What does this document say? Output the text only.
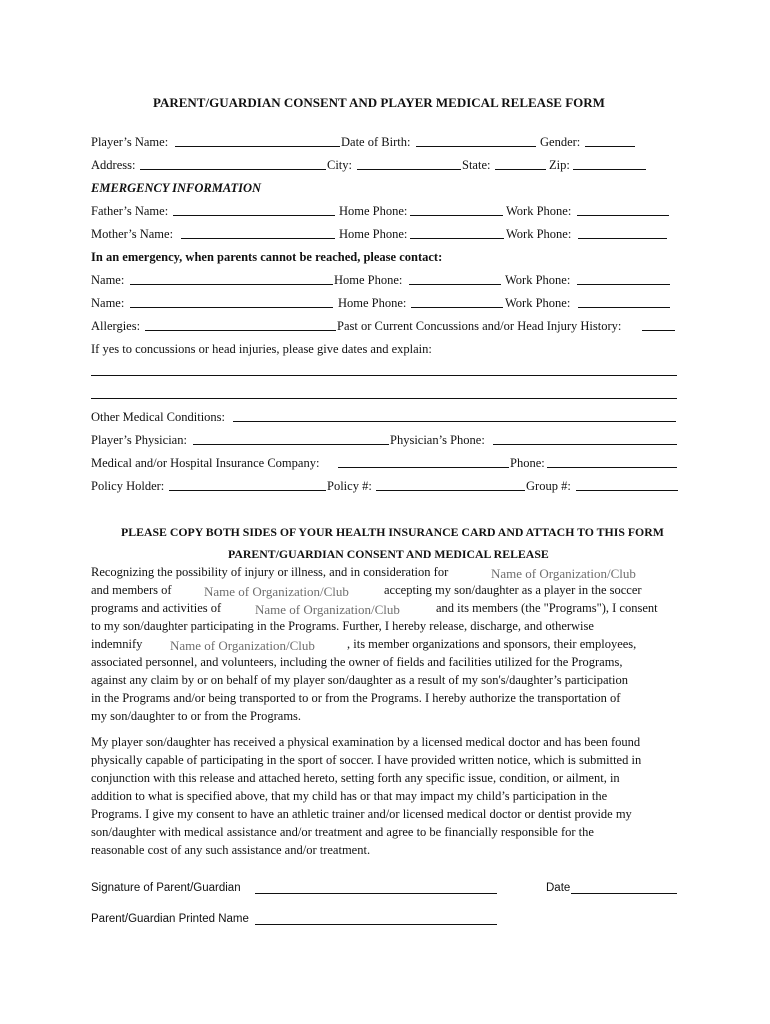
PARENT/GUARDIAN CONSENT AND PLAYER MEDICAL RELEASE FORM
Player’s Name:	Date of Birth:	Gender:
Address:	City:	State:	Zip:
EMERGENCY INFORMATION
Father’s Name:	Home Phone:	Work Phone:
Mother’s Name:	Home Phone:	Work Phone:
In an emergency, when parents cannot be reached, please contact:
Name:	Home Phone:	Work Phone:
Name:	Home Phone:	Work Phone:
Allergies:	Past or Current Concussions and/or Head Injury History:
If yes to concussions or head injuries, please give dates and explain:
Other Medical Conditions:
Player’s Physician:	Physician’s Phone:
Medical and/or Hospital Insurance Company:	Phone:
Policy Holder:	Policy #:	Group #:
PLEASE COPY BOTH SIDES OF YOUR HEALTH INSURANCE CARD AND ATTACH TO THIS FORM
PARENT/GUARDIAN CONSENT AND MEDICAL RELEASE
Recognizing the possibility of injury or illness, and in consideration for	Name of Organization/Club
and members of Name of Organization/Club	accepting my son/daughter as a player in the soccer
programs and activities of	Name of Organization/Club	and its members (the "Programs"), I consent
to my son/daughter participating in the Programs. Further, I hereby release, discharge, and otherwise
indemnify Name of Organization/Club	, its member organizations and sponsors, their employees,
associated personnel, and volunteers, including the owner of fields and facilities utilized for the Programs,
against any claim by or on behalf of my player son/daughter as a result of my son's/daughter’s participation
in the Programs and/or being transported to or from the Programs. I hereby authorize the transportation of
my son/daughter to or from the Programs.
My player son/daughter has received a physical examination by a licensed medical doctor and has been found
physically capable of participating in the sport of soccer. I have provided written notice, which is submitted in
conjunction with this release and attached hereto, setting forth any specific issue, condition, or ailment, in
addition to what is specified above, that my child has or that may impact my child’s participation in the
Programs. I give my consent to have an athletic trainer and/or licensed medical doctor or dentist provide my
son/daughter with medical assistance and/or treatment and agree to be financially responsible for the
reasonable cost of any such assistance and/or treatment.
Signature of Parent/Guardian	Date
Parent/Guardian Printed Name
